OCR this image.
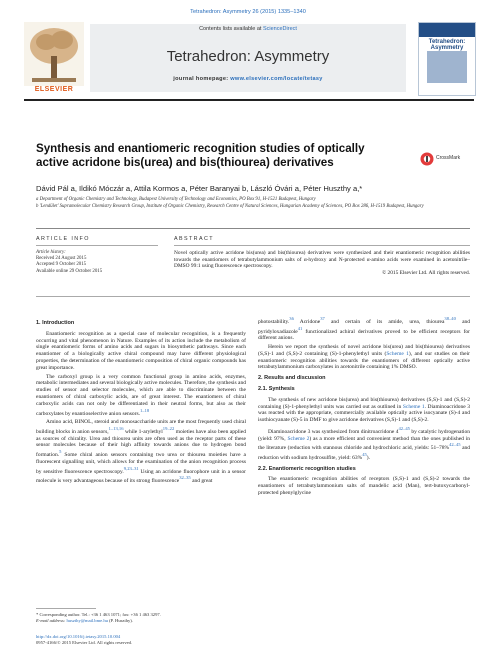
Tetrahedron: Asymmetry 26 (2015) 1335–1340
Contents lists available at ScienceDirect
Tetrahedron: Asymmetry
journal homepage: www.elsevier.com/locate/tetasy
ELSEVIER
Tetrahedron: Asymmetry
Synthesis and enantiomeric recognition studies of optically active acridone bis(urea) and bis(thiourea) derivatives	CrossMark
Dávid Pál a, Ildikó Móczár a, Attila Kormos a, Péter Baranyai b, László Óvári a, Péter Huszthy a,*
a Department of Organic Chemistry and Technology, Budapest University of Technology and Economics, PO Box 91, H-1521 Budapest, Hungary
b 'Lendület' Supramolecular Chemistry Research Group, Institute of Organic Chemistry, Research Centre of Natural Sciences, Hungarian Academy of Sciences, PO Box 286, H-1519 Budapest, Hungary
ARTICLE INFO	ABSTRACT
Article history:
Received 24 August 2015
Accepted 9 October 2015
Available online 29 October 2015
Novel optically active acridone bis(urea) and bis(thiourea) derivatives were synthesized and their enantiomeric recognition abilities towards the enantiomers of tetrabutylammonium salts of α-hydroxy and N-protected α-amino acids were examined in acetonitrile–DMSO 99:1 using fluorescence spectroscopy.
© 2015 Elsevier Ltd. All rights reserved.
1. Introduction

Enantiomeric recognition as a special case of molecular recognition, is a frequently occurring and vital phenomenon in Nature. Examples of its action include the metabolism of single enantiomeric forms of amino acids and sugars in biosynthetic pathways. Since each enantiomer of a biologically active chiral compound may have different physiological properties, the determination of the enantiomeric composition of chiral organic compounds has great importance.

The carboxyl group is a very common functional group in amino acids, enzymes, metabolic intermediates and several biologically active molecules. Therefore, the synthesis and studies of sensor and selector molecules, which are able to discriminate between the enantiomers of chiral carboxylic acids, are of great interest. The enantiomers of chiral carboxylic acids can not only be differentiated in their neutral forms, but also as their carboxylates by enantioselective anion sensors.$^{1-18}$

Amino acid, BINOL, steroid and monosaccharide units are the most frequently used chiral building blocks in anion sensors,$^{1-13,16}$ while 1-arylethyl$^{19-22}$ moieties have also been applied as sources of chirality. Urea and thiourea units are often used as the receptor parts of these sensor molecules because of their high affinity towards anions due to hydrogen bond formation.$^5$ Some chiral anion sensors containing two urea or thiourea moieties have a fluorescent signalling unit, which allows for the examination of the anion recognition process by sensitive fluorescence spectroscopy.$^{9,23-31}$ Using an acridone fluorophore unit in a sensor molecule is very advantageous because of its strong fluorescence$^{32-35}$ and great

* Corresponding author. Tel.: +36 1 463 1071; fax: +36 1 463 3297.
E-mail address: huszthy@mail.bme.hu (P. Huszthy).
http://dx.doi.org/10.1016/j.tetasy.2015.10.004
0957-4166/© 2015 Elsevier Ltd. All rights reserved.

photostability.$^{36}$ Acridone$^{37}$ and certain of its amide, urea, thiourea$^{38-40}$ and pyridyloxadiazole$^{41}$ functionalized achiral derivatives proved to be efficient receptors for different anions.

Herein we report the synthesis of novel acridone bis(urea) and bis(thiourea) derivatives (S,S)-1 and (S,S)-2 containing (S)-1-phenylethyl units (Scheme 1), and our studies on their enantiomeric recognition abilities towards the enantiomers of different optically active tetrabutylammonium carboxylates in acetonitrile containing 1% DMSO.

2. Results and discussion
2.1. Synthesis

The synthesis of new acridone bis(urea) and bis(thiourea) derivatives (S,S)-1 and (S,S)-2 containing (S)-1-phenylethyl units was carried out as outlined in Scheme 1. Diaminoacridone 3 was reacted with the appropriate, commercially available optically active isocyanate (S)-4 and isothiocyanate (S)-5 in DMF to give acridone derivatives (S,S)-1 and (S,S)-2.

Diaminoacridone 3 was synthesized from dinitroacridone 4$^{42-45}$ by catalytic hydrogenation (yield: 97%, Scheme 2) as a more efficient and convenient method than the ones published in the literature (reduction with stannous chloride and hydrochloric acid, yields: 51–78%$^{42-45}$ and reduction with sodium hydrosulfite, yield: 63%$^{45}$).

2.2. Enantiomeric recognition studies

The enantiomeric recognition abilities of receptors (S,S)-1 and (S,S)-2 towards the enantiomers of tetrabutylammonium salts of mandelic acid (Man), tert-butoxycarbonyl-protected phenylglycine
